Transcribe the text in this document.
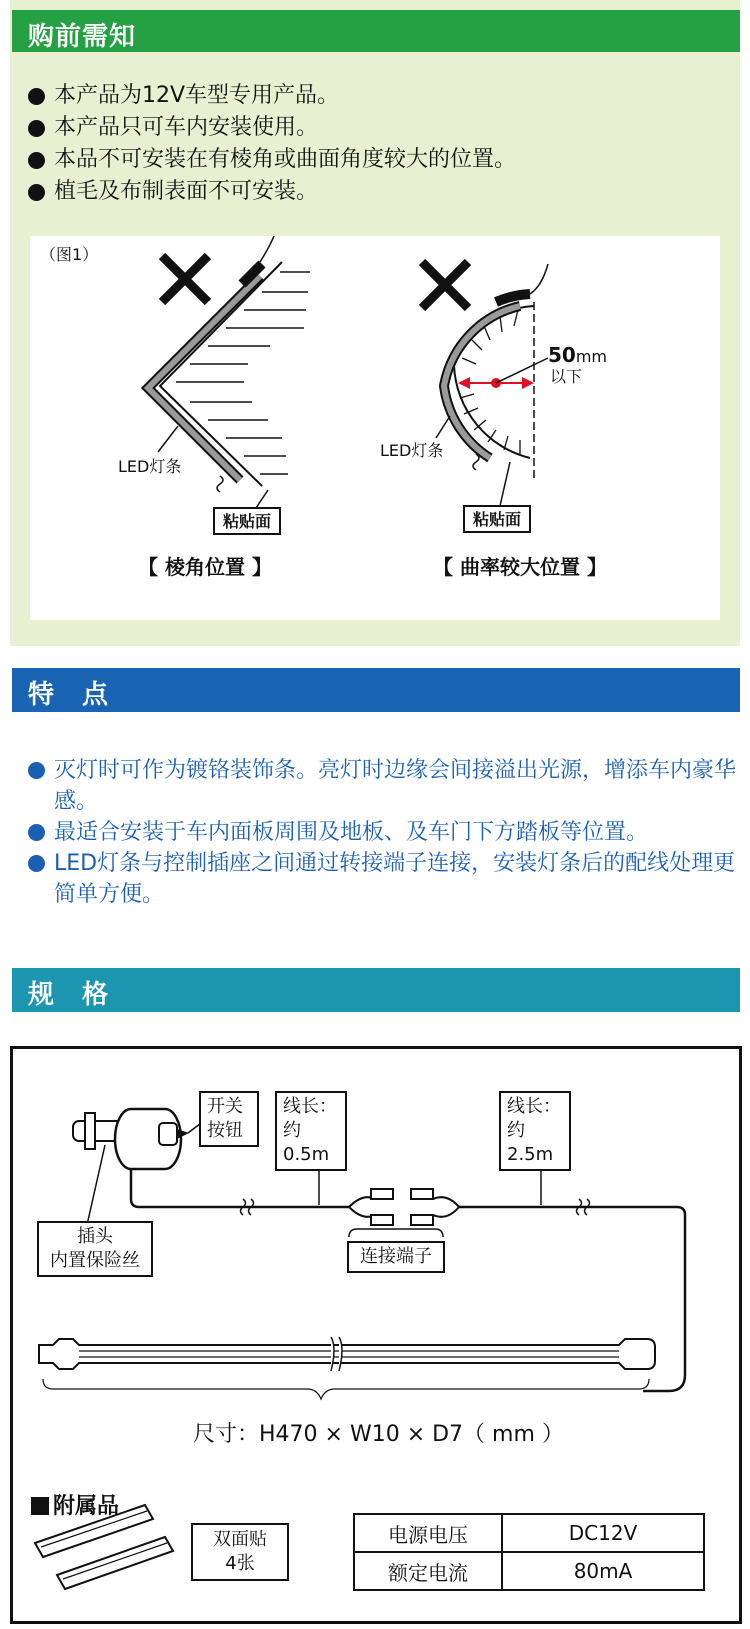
购前需知
本产品为12V车型专用产品。
本产品只可车内安装使用。
本品不可安装在有棱角或曲面角度较大的位置。
植毛及布制表面不可安装。
（图1）
LED灯条
粘贴面
【 棱角位置 】
50mm
以下
LED灯条
粘贴面
【 曲率较大位置 】
特　点
灭灯时可作为镀铬装饰条。亮灯时边缘会间接溢出光源，增添车内豪华感。
最适合安装于车内面板周围及地板、及车门下方踏板等位置。
LED灯条与控制插座之间通过转接端子连接，安装灯条后的配线处理更简单方便。
规　格
开关
按钮
线长：
约0.5m
线长：
约2.5m
插头
内置保险丝	连接端子
尺寸：H470 × W10 × D7（ mm ）
附属品
双面贴
4张
电源电压	DC12V
额定电流	80mA
